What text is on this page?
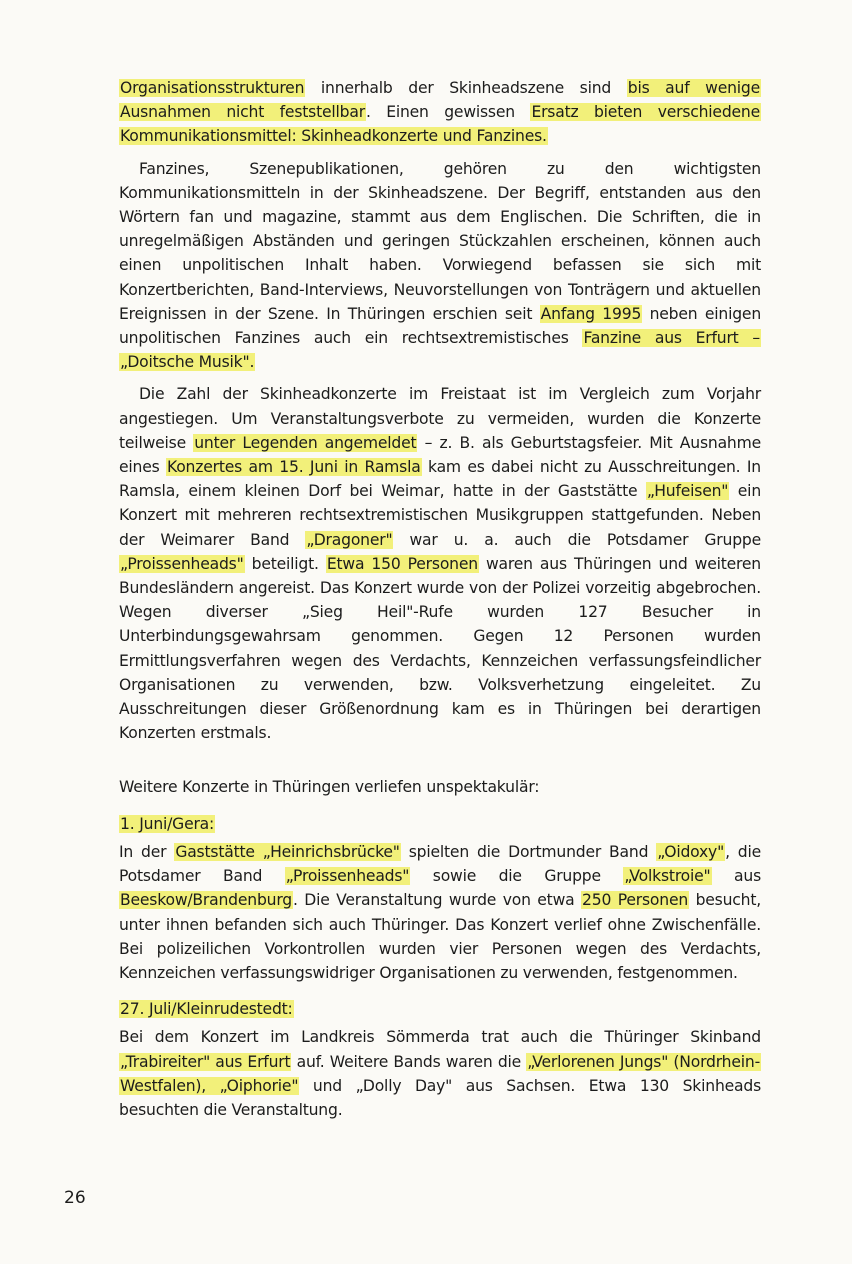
Organisationsstrukturen innerhalb der Skinheadszene sind bis auf wenige Ausnahmen nicht feststellbar. Einen gewissen Ersatz bieten verschiedene Kommunikationsmittel: Skinheadkonzerte und Fanzines.

Fanzines, Szenepublikationen, gehören zu den wichtigsten Kommunikationsmitteln in der Skinheadszene. Der Begriff, entstanden aus den Wörtern fan und magazine, stammt aus dem Englischen. Die Schriften, die in unregelmäßigen Abständen und geringen Stückzahlen erscheinen, können auch einen unpolitischen Inhalt haben. Vorwiegend befassen sie sich mit Konzertberichten, Band-Interviews, Neuvorstellungen von Tonträgern und aktuellen Ereignissen in der Szene. In Thüringen erschien seit Anfang 1995 neben einigen unpolitischen Fanzines auch ein rechtsextremistisches Fanzine aus Erfurt – „Doitsche Musik".

Die Zahl der Skinheadkonzerte im Freistaat ist im Vergleich zum Vorjahr angestiegen. Um Veranstaltungsverbote zu vermeiden, wurden die Konzerte teilweise unter Legenden angemeldet – z. B. als Geburtstagsfeier. Mit Ausnahme eines Konzertes am 15. Juni in Ramsla kam es dabei nicht zu Ausschreitungen. In Ramsla, einem kleinen Dorf bei Weimar, hatte in der Gaststätte „Hufeisen" ein Konzert mit mehreren rechtsextremistischen Musikgruppen stattgefunden. Neben der Weimarer Band „Dragoner" war u. a. auch die Potsdamer Gruppe „Proissenheads" beteiligt. Etwa 150 Personen waren aus Thüringen und weiteren Bundesländern angereist. Das Konzert wurde von der Polizei vorzeitig abgebrochen. Wegen diverser „Sieg Heil"-Rufe wurden 127 Besucher in Unterbindungsgewahrsam genommen. Gegen 12 Personen wurden Ermittlungsverfahren wegen des Verdachts, Kennzeichen verfassungsfeindlicher Organisationen zu verwenden, bzw. Volksverhetzung eingeleitet. Zu Ausschreitungen dieser Größenordnung kam es in Thüringen bei derartigen Konzerten erstmals.

Weitere Konzerte in Thüringen verliefen unspektakulär:

1. Juni/Gera:

In der Gaststätte „Heinrichsbrücke" spielten die Dortmunder Band „Oidoxy", die Potsdamer Band „Proissenheads" sowie die Gruppe „Volkstroie" aus Beeskow/Brandenburg. Die Veranstaltung wurde von etwa 250 Personen besucht, unter ihnen befanden sich auch Thüringer. Das Konzert verlief ohne Zwischenfälle. Bei polizeilichen Vorkontrollen wurden vier Personen wegen des Verdachts, Kennzeichen verfassungswidriger Organisationen zu verwenden, festgenommen.

27. Juli/Kleinrudestedt:

Bei dem Konzert im Landkreis Sömmerda trat auch die Thüringer Skinband „Trabireiter" aus Erfurt auf. Weitere Bands waren die „Verlorenen Jungs" (Nordrhein-Westfalen), „Oiphorie" und „Dolly Day" aus Sachsen. Etwa 130 Skinheads besuchten die Veranstaltung.

26
